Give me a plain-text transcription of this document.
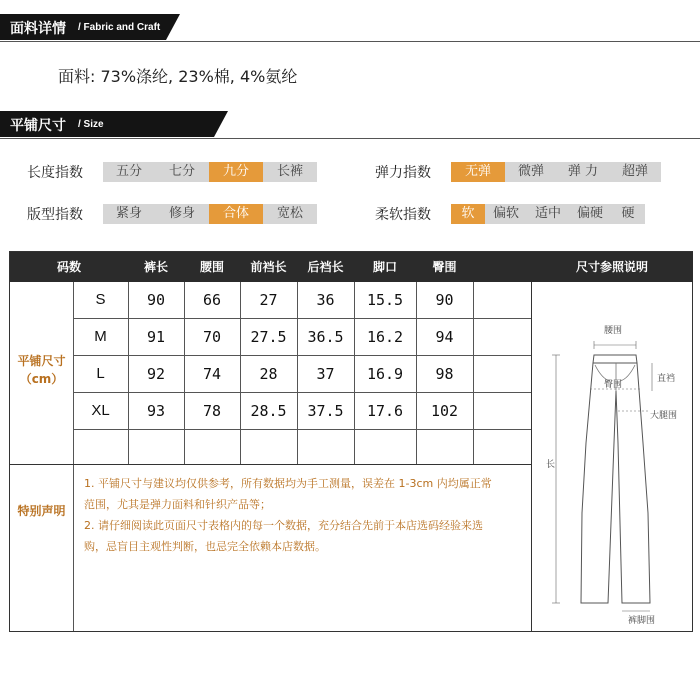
面料详情 / Fabric and Craft
面料: 73%涤纶, 23%棉, 4%氨纶
平铺尺寸 / Size
长度指数	五分	七分	九分	长裤	弹力指数	无弹	微弹	弹 力	超弹
版型指数	紧身	修身	合体	宽松	柔软指数	软	偏软	适中	偏硬	硬
码数	裤长	腰围	前裆长	后裆长	脚口	臀围	尺寸参照说明
平铺尺寸
（cm）
S	90	66	27	36	15.5	90
M	91	70	27.5	36.5	16.2	94
L	92	74	28	37	16.9	98
XL	93	78	28.5	37.5	17.6	102
特别声明
1. 平铺尺寸与建议均仅供参考，所有数据均为手工测量，误差在 1-3cm 内均属正常
范围，尤其是弹力面料和针织产品等；
2. 请仔细阅读此页面尺寸表格内的每一个数据，充分结合先前于本店选码经验来选
购，忌盲目主观性判断，也忌完全依赖本店数据。
腰围
臀围
直裆
大腿围
长
裤脚围
